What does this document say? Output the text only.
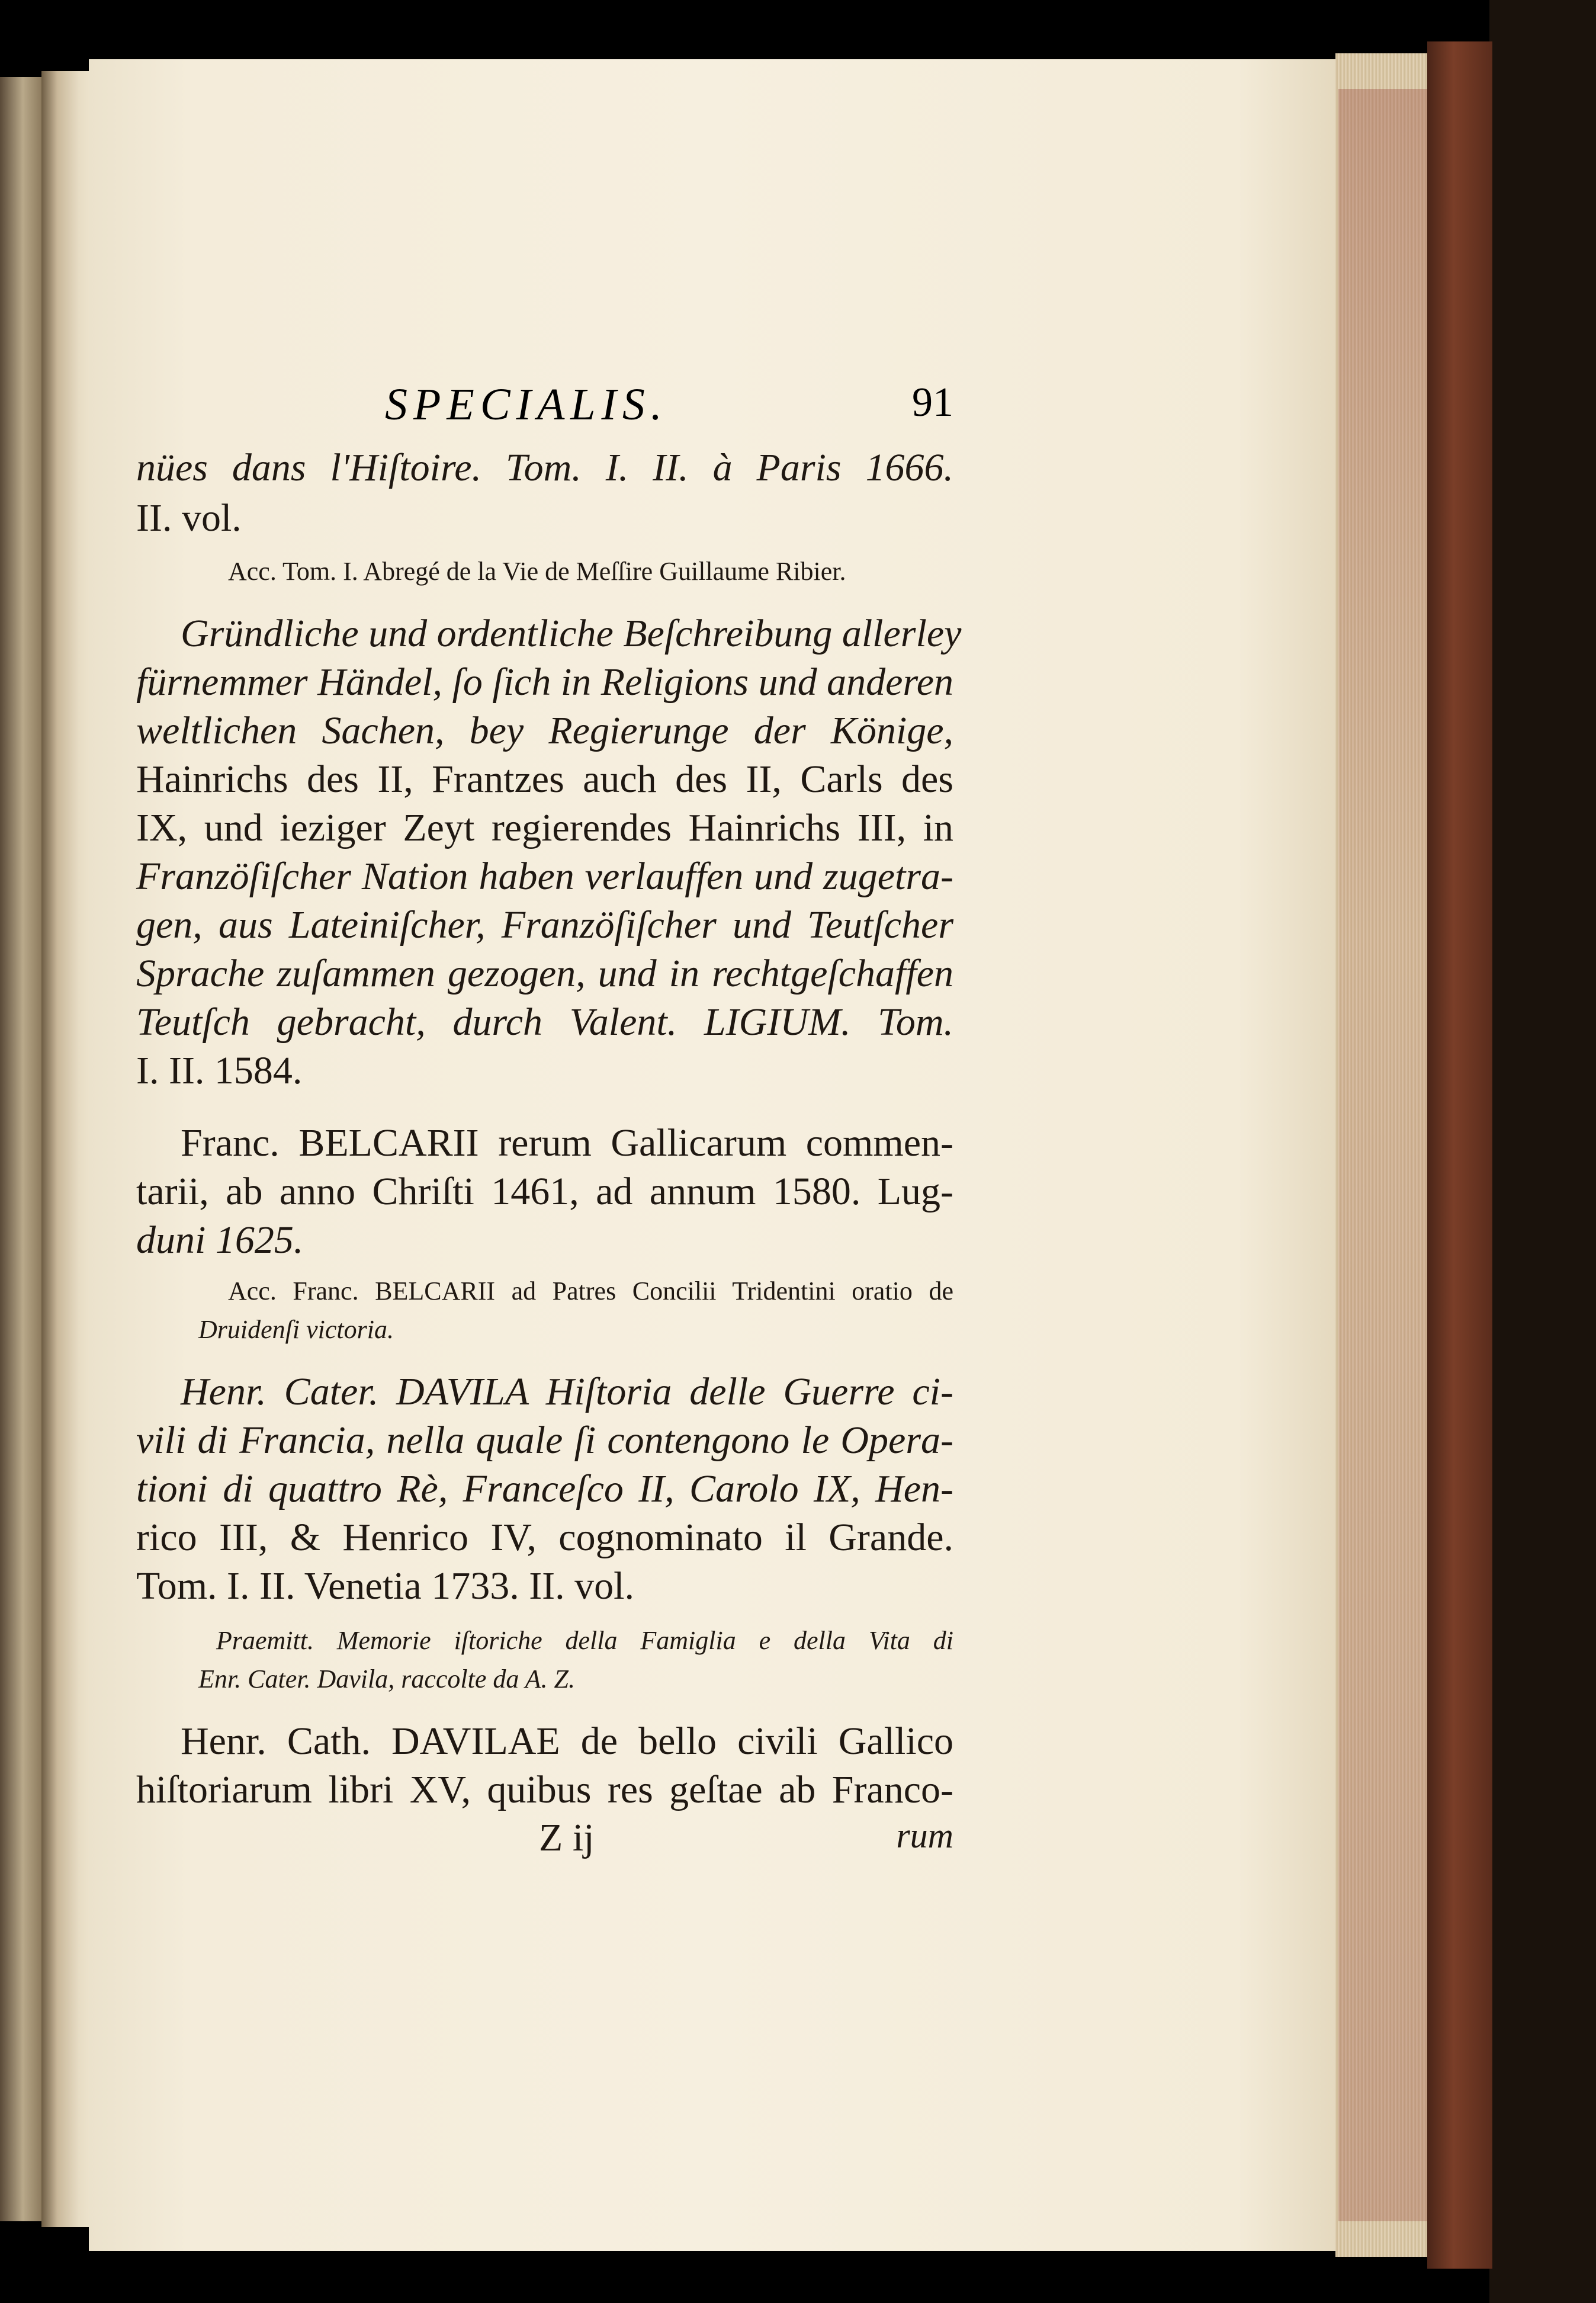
SPECIALIS.	91
nües dans l'Hiſtoire. Tom. I. II. à Paris 1666.
II. vol.
Acc. Tom. I. Abregé de la Vie de Meſſire Guillaume Ribier.
Gründliche und ordentliche Beſchreibung allerley
fürnemmer Händel, ſo ſich in Religions und anderen
weltlichen Sachen, bey Regierunge der Könige,
Hainrichs des II, Frantzes auch des II, Carls des
IX, und ieziger Zeyt regierendes Hainrichs III, in
Franzöſiſcher Nation haben verlauffen und zugetra-
gen, aus Lateiniſcher, Franzöſiſcher und Teutſcher
Sprache zuſammen gezogen, und in rechtgeſchaffen
Teutſch gebracht, durch Valent. LIGIUM. Tom.
I. II. 1584.
Franc. BELCARII rerum Gallicarum commen-
tarii, ab anno Chriſti 1461, ad annum 1580. Lug-
duni 1625.
Acc. Franc. BELCARII ad Patres Concilii Tridentini oratio de
Druidenſi victoria.
Henr. Cater. DAVILA Hiſtoria delle Guerre ci-
vili di Francia, nella quale ſi contengono le Opera-
tioni di quattro Rè, Franceſco II, Carolo IX, Hen-
rico III, & Henrico IV, cognominato il Grande.
Tom. I. II. Venetia 1733. II. vol.
Praemitt. Memorie iſtoriche della Famiglia e della Vita di
Enr. Cater. Davila, raccolte da A. Z.
Henr. Cath. DAVILAE de bello civili Gallico
hiſtoriarum libri XV, quibus res geſtae ab Franco-
Z ij	rum
